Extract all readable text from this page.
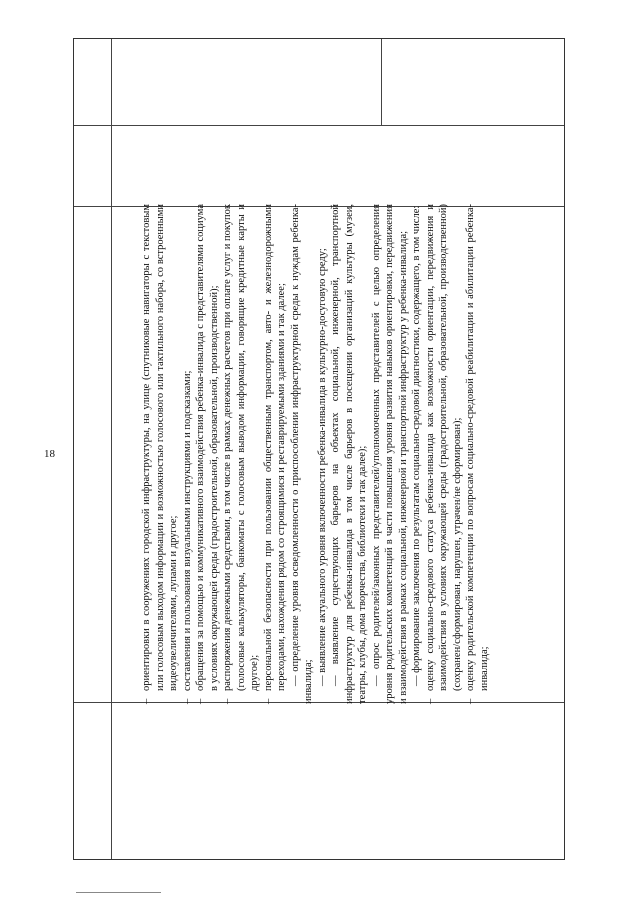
18
–
ориентировки в сооружениях городской инфраструктуры, на улице (спутниковые навигаторы с текстовым или голосовым выходом информации и возможностью голосового или тактильного набора, со встроенными видеоувеличителями, лупами и другое;
–
составления и пользования визуальными инструкциями и подсказками;
–
обращения за помощью и коммуникативного взаимодействия ребенка-инвалида с представителями социума в условиях окружающей среды (градостроительной, образовательной, производственной);
–
распоряжения денежными средствами, в том числе в рамках денежных расчетов при оплате услуг и покупок (голосовые калькуляторы, банкоматы с голосовым выводом информации, говорящие кредитные карты и другое);
–
персональной безопасности при пользовании общественным транспортом, авто- и железнодорожными переходами, нахождения рядом со строящимися и реставрируемыми зданиями и так далее; — определение уровня осведомленности о приспособлении инфраструктурной среды к нуждам ребенка-инвалида; — выявление актуального уровня включенности ребенка-инвалида в культурно-досуговую среду; — выявление существующих барьеров на объектах социальной, инженерной, транспортной инфраструктур для ребенка-инвалида в том числе барьеров в посещении организаций культуры (музеи, театры, клубы, дома творчества, библиотеки и так далее); — опрос родителей/законных представителей/уполномоченных представителей с целью определения уровня родительских компетенций в части повышения уровня развития навыков ориентировки, передвижения и взаимодействия в рамках социальной, инженерной и транспортной инфраструктур у ребенка-инвалида; — формирование заключения по результатам социально-средовой диагностики, содержащего, в том числе:
–
оценку социально-средового статуса ребенка-инвалида как возможности ориентации, передвижения и взаимодействия в условиях окружающей среды (градостроительной, образовательной, производственной) (сохранен/сформирован, нарушен, утрачен/не сформирован);
–
оценку родительской компетенции по вопросам социально-средовой реабилитации и абилитации ребенка-инвалида;
